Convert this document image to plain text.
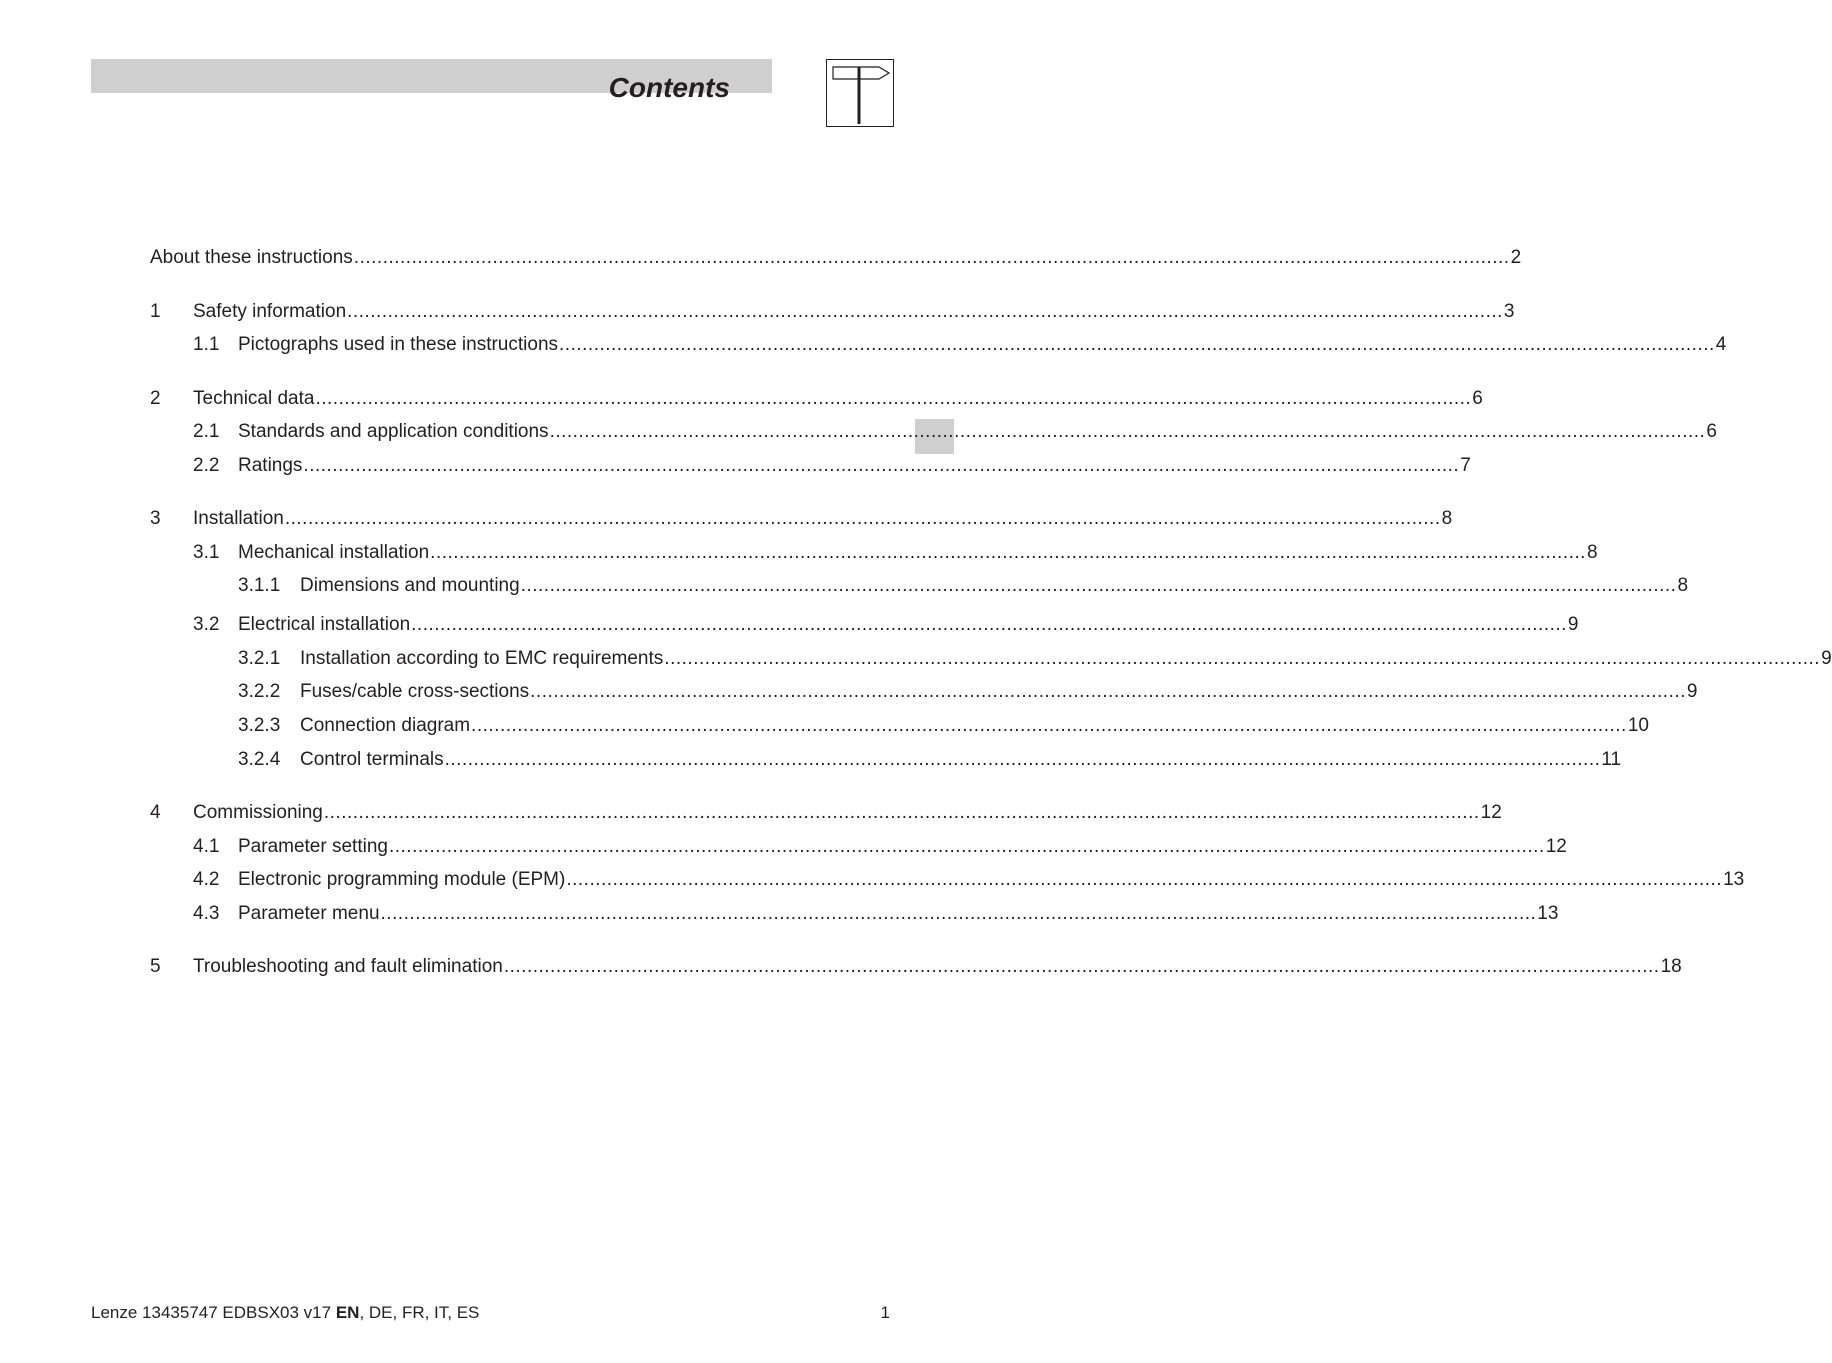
Contents
About these instructions ........................................................................................................................................................................................................ 2
1 Safety information ........................................................................................................................................................................................................ 3
1.1 Pictographs used in these instructions ........................................................................................................................................................................................................ 4
2 Technical data ........................................................................................................................................................................................................ 6
2.1 Standards and application conditions ........................................................................................................................................................................................................ 6
2.2 Ratings ........................................................................................................................................................................................................ 7
3 Installation ........................................................................................................................................................................................................ 8
3.1 Mechanical installation ........................................................................................................................................................................................................ 8
3.1.1 Dimensions and mounting ........................................................................................................................................................................................................ 8
3.2 Electrical installation ........................................................................................................................................................................................................ 9
3.2.1 Installation according to EMC requirements ........................................................................................................................................................................................................ 9
3.2.2 Fuses/cable cross-sections ........................................................................................................................................................................................................ 9
3.2.3 Connection diagram ........................................................................................................................................................................................................ 10
3.2.4 Control terminals ........................................................................................................................................................................................................ 11
4 Commissioning ........................................................................................................................................................................................................ 12
4.1 Parameter setting ........................................................................................................................................................................................................ 12
4.2 Electronic programming module (EPM) ........................................................................................................................................................................................................ 13
4.3 Parameter menu ........................................................................................................................................................................................................ 13
5 Troubleshooting and fault elimination ........................................................................................................................................................................................................ 18
Lenze 13435747 EDBSX03 v17 EN, DE, FR, IT, ES	1
